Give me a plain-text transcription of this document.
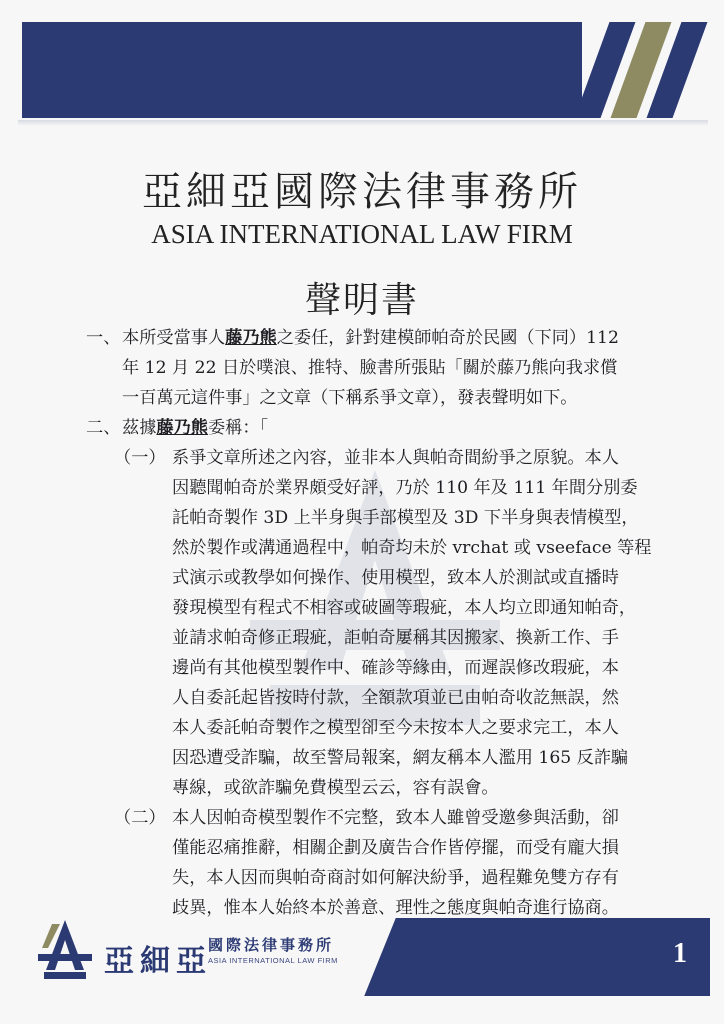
亞細亞國際法律事務所
ASIA INTERNATIONAL LAW FIRM
聲明書
一、 本所受當事人藤乃熊之委任，針對建模師帕奇於民國（下同）112
年 12 月 22 日於噗浪、推特、臉書所張貼「關於藤乃熊向我求償
一百萬元這件事」之文章（下稱系爭文章），發表聲明如下。
二、 茲據藤乃熊委稱：「
（一） 系爭文章所述之內容，並非本人與帕奇間紛爭之原貌。本人
因聽聞帕奇於業界頗受好評，乃於 110 年及 111 年間分別委
託帕奇製作 3D 上半身與手部模型及 3D 下半身與表情模型，
然於製作或溝通過程中，帕奇均未於 vrchat 或 vseeface 等程
式演示或教學如何操作、使用模型，致本人於測試或直播時
發現模型有程式不相容或破圖等瑕疵，本人均立即通知帕奇，
並請求帕奇修正瑕疵，詎帕奇屢稱其因搬家、換新工作、手
邊尚有其他模型製作中、確診等緣由，而遲誤修改瑕疵，本
人自委託起皆按時付款，全額款項並已由帕奇收訖無誤，然
本人委託帕奇製作之模型卻至今未按本人之要求完工，本人
因恐遭受詐騙，故至警局報案，網友稱本人濫用 165 反詐騙
專線，或欲詐騙免費模型云云，容有誤會。
（二） 本人因帕奇模型製作不完整，致本人雖曾受邀參與活動，卻
僅能忍痛推辭，相關企劃及廣告合作皆停擺，而受有龐大損
失，本人因而與帕奇商討如何解決紛爭，過程難免雙方存有
歧異，惟本人始終本於善意、理性之態度與帕奇進行協商。
亞細亞
國際法律事務所
ASIA INTERNATIONAL LAW FIRM	1
